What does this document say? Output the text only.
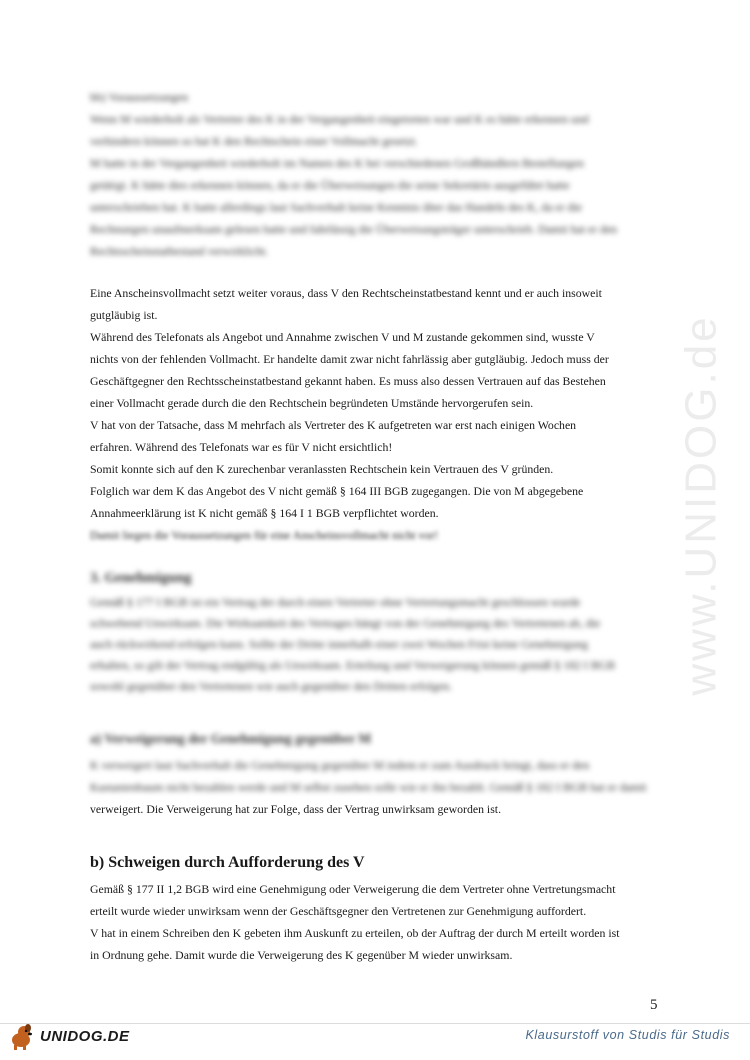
bb) Voraussetzungen

Wenn M wiederholt als Vertreter des K in der Vergangenheit eingetreten war und K es hätte erkennen und
verhindern können so hat K den Rechtschein einer Vollmacht gesetzt.
M hatte in der Vergangenheit wiederholt im Namen des K bei verschiedenen Großhändlern Bestellungen
getätigt. K hätte dies erkennen können, da er die Überweisungen die seine Sekretärin ausgeführt hatte
unterschrieben hat. K hatte allerdings laut Sachverhalt keine Kenntnis über das Handeln des K, da er die
Rechnungen unaufmerksam gelesen hatte und fahrlässig die Überweisungsträger unterschrieb. Damit hat er den
Rechtsscheinstatbestand verwirklicht.
Eine Anscheinsvollmacht setzt weiter voraus, dass V den Rechtscheinstatbestand kennt und er auch insoweit
gutgläubig ist.
Während des Telefonats als Angebot und Annahme zwischen V und M zustande gekommen sind, wusste V
nichts von der fehlenden Vollmacht. Er handelte damit zwar nicht fahrlässig aber gutgläubig. Jedoch muss der
Geschäftgegner den Rechtsscheinstatbestand gekannt haben. Es muss also dessen Vertrauen auf das Bestehen
einer Vollmacht gerade durch die den Rechtschein begründeten Umstände hervorgerufen sein.
V hat von der Tatsache, dass M mehrfach als Vertreter des K aufgetreten war erst nach einigen Wochen
erfahren. Während des Telefonats war es für V nicht ersichtlich!
Somit konnte sich auf den K zurechenbar veranlassten Rechtschein kein Vertrauen des V gründen.
Folglich war dem K das Angebot des V nicht gemäß § 164 III BGB zugegangen. Die von M abgegebene
Annahmeerklärung ist K nicht gemäß § 164 I 1 BGB verpflichtet worden.
Damit liegen die Voraussetzungen für eine Anscheinsvollmacht nicht vor!

3. Genehmigung

Gemäß § 177 I BGB ist ein Vertrag der durch einen Vertreter ohne Vertretungsmacht geschlossen wurde
schwebend Unwirksam. Die Wirksamkeit des Vertrages hängt von der Genehmigung des Vertretenen ab, die
auch rückwirkend erfolgen kann. Sollte der Dritte innerhalb einer zwei Wochen Frist keine Genehmigung
erhalten, so gilt der Vertrag endgültig als Unwirksam. Erteilung und Verweigerung können gemäß § 182 I BGB
sowohl gegenüber den Vertretenen wie auch gegenüber den Dritten erfolgen.

a) Verweigerung der Genehmigung gegenüber M

K verweigert laut Sachverhalt die Genehmigung gegenüber M indem er zum Ausdruck bringt, dass er den
Kastanienbaum nicht bezahlen werde und M selbst zusehen solle wie er ihn bezahlt. Gemäß § 182 I BGB hat er damit
verweigert. Die Verweigerung hat zur Folge, dass der Vertrag unwirksam geworden ist.

b) Schweigen durch Aufforderung des V

Gemäß § 177 II 1,2 BGB wird eine Genehmigung oder Verweigerung die dem Vertreter ohne Vertretungsmacht
erteilt wurde wieder unwirksam wenn der Geschäftsgegner den Vertretenen zur Genehmigung auffordert.
V hat in einem Schreiben den K gebeten ihm Auskunft zu erteilen, ob der Auftrag der durch M erteilt worden ist
in Ordnung gehe. Damit wurde die Verweigerung des K gegenüber M wieder unwirksam.
www.UNIDOG.de
5
UNIDOG.DE	Klausurstoff von Studis für Studis
